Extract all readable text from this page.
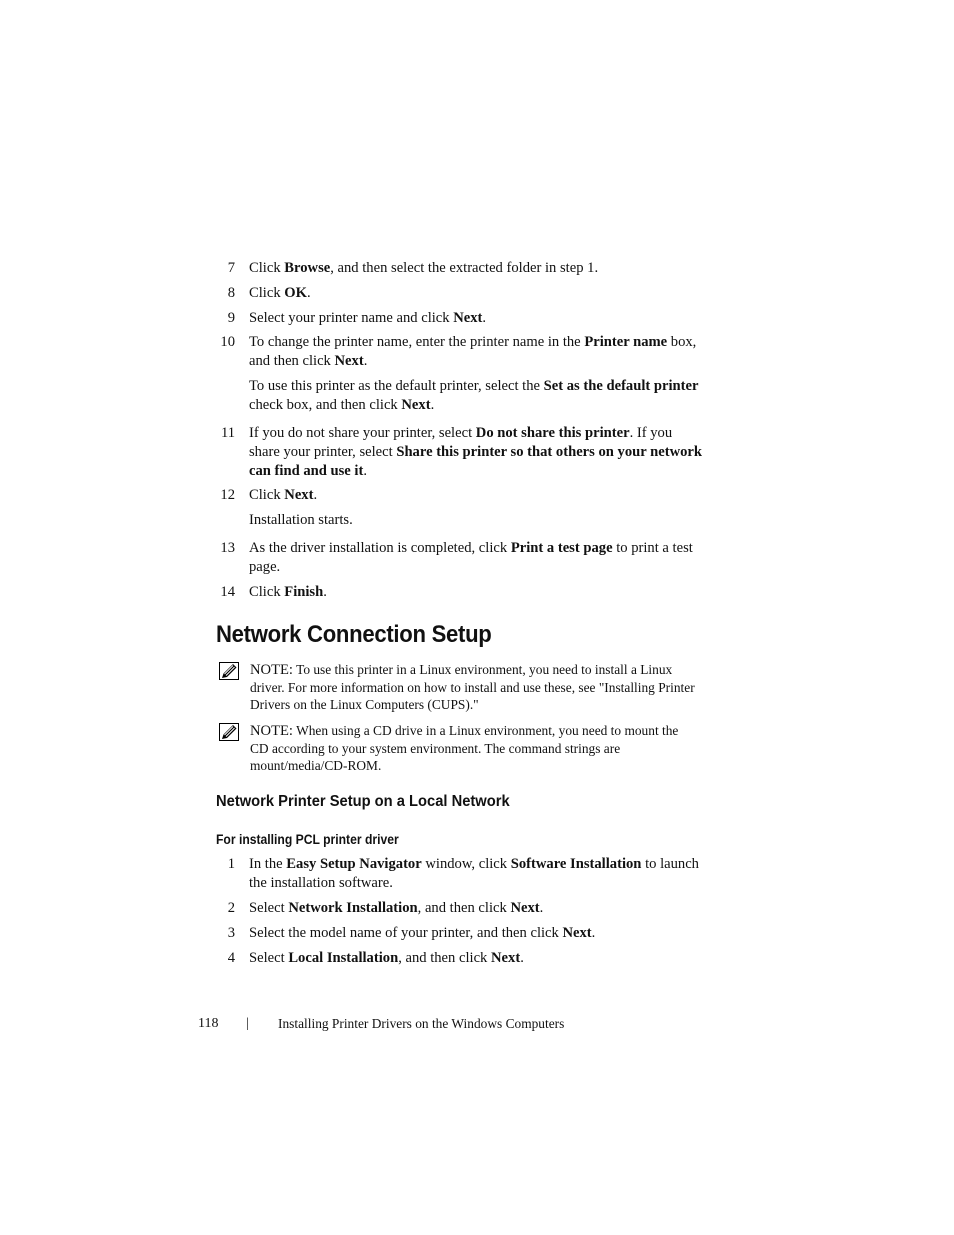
7 Click Browse, and then select the extracted folder in step 1.
8 Click OK.
9 Select your printer name and click Next.
10 To change the printer name, enter the printer name in the Printer name box,
and then click Next.
To use this printer as the default printer, select the Set as the default printer
check box, and then click Next.
11 If you do not share your printer, select Do not share this printer. If you
share your printer, select Share this printer so that others on your network
can find and use it.
12 Click Next.
Installation starts.
13 As the driver installation is completed, click Print a test page to print a test
page.
14 Click Finish.
Network Connection Setup
NOTE: To use this printer in a Linux environment, you need to install a Linux
driver. For more information on how to install and use these, see "Installing Printer
Drivers on the Linux Computers (CUPS)."
NOTE: When using a CD drive in a Linux environment, you need to mount the
CD according to your system environment. The command strings are
mount/media/CD-ROM.
Network Printer Setup on a Local Network
For installing PCL printer driver
1 In the Easy Setup Navigator window, click Software Installation to launch
the installation software.
2 Select Network Installation, and then click Next.
3 Select the model name of your printer, and then click Next.
4 Select Local Installation, and then click Next.
118 | Installing Printer Drivers on the Windows Computers
